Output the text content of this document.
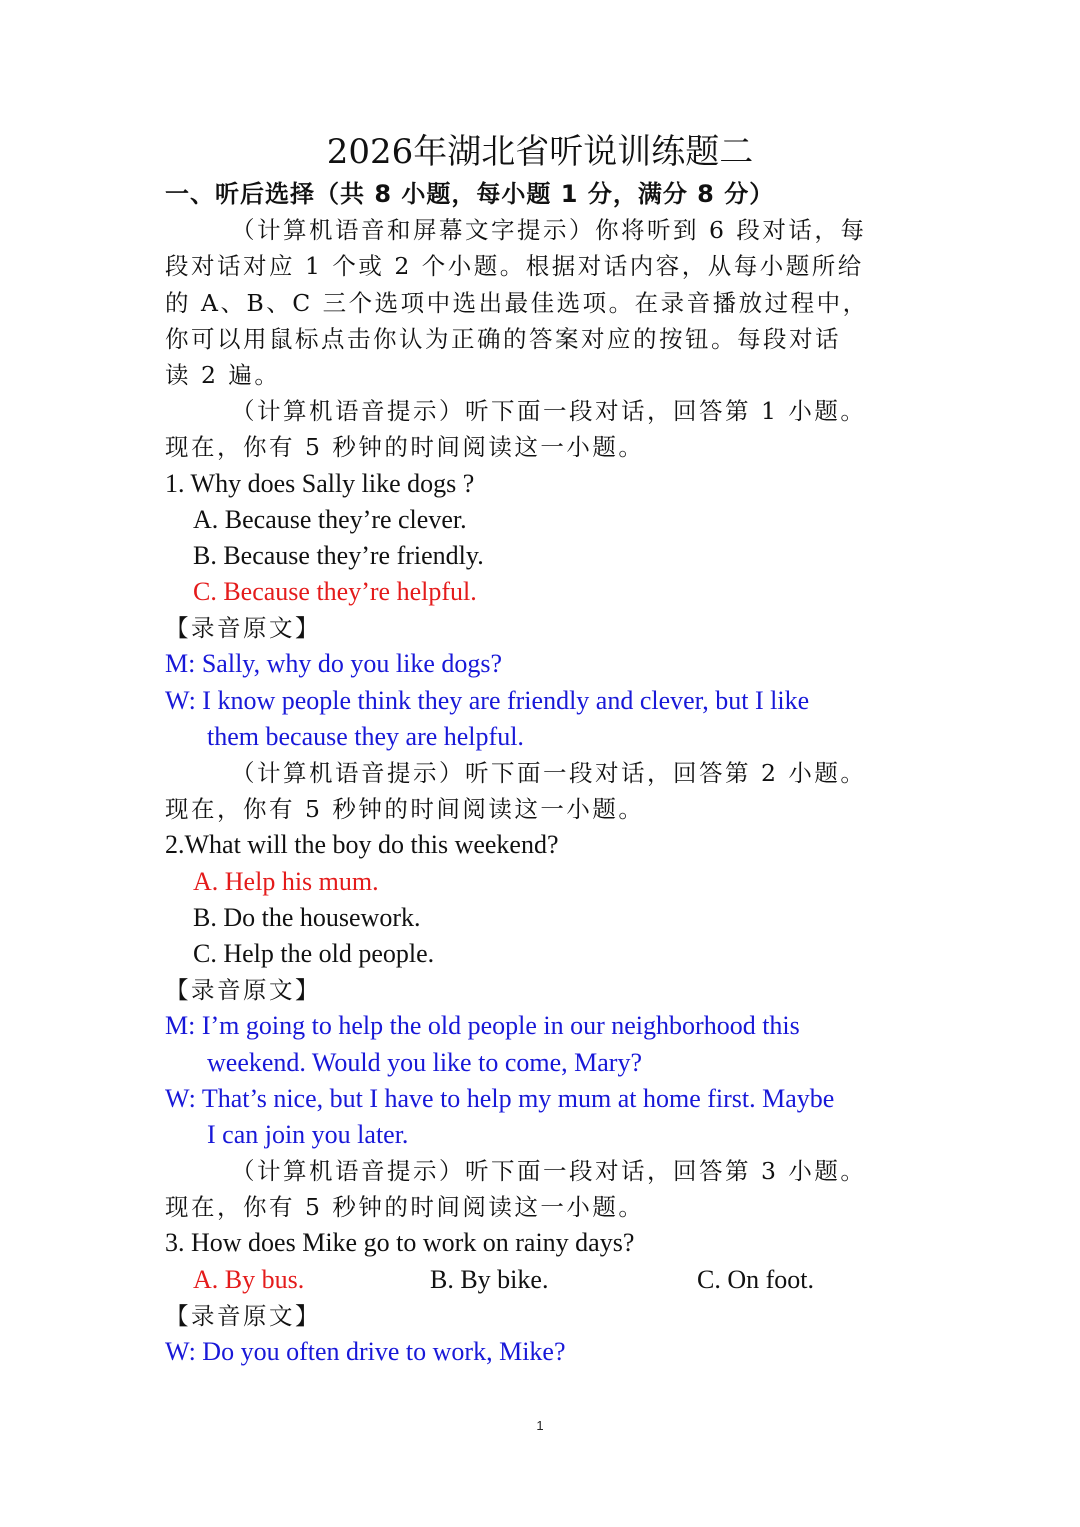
2026年湖北省听说训练题二
一、听后选择（共 8 小题，每小题 1 分，满分 8 分）
（计算机语音和屏幕文字提示）你将听到 6 段对话，每
段对话对应 1 个或 2 个小题。根据对话内容，从每小题所给
的 A、B、C 三个选项中选出最佳选项。在录音播放过程中，
你可以用鼠标点击你认为正确的答案对应的按钮。每段对话
读 2 遍。
（计算机语音提示）听下面一段对话，回答第 1 小题。
现在，你有 5 秒钟的时间阅读这一小题。
1. Why does Sally like dogs ?
A. Because they’re clever.
B. Because they’re friendly.
C. Because they’re helpful.
【录音原文】
M: Sally, why do you like dogs?
W: I know people think they are friendly and clever, but I like
them because they are helpful.
（计算机语音提示）听下面一段对话，回答第 2 小题。
现在，你有 5 秒钟的时间阅读这一小题。
2.What will the boy do this weekend?
A. Help his mum.
B. Do the housework.
C. Help the old people.
【录音原文】
M: I’m going to help the old people in our neighborhood this
weekend. Would you like to come, Mary?
W: That’s nice, but I have to help my mum at home first. Maybe
I can join you later.
（计算机语音提示）听下面一段对话，回答第 3 小题。
现在，你有 5 秒钟的时间阅读这一小题。
3. How does Mike go to work on rainy days?
A. By bus.	B. By bike.	C. On foot.
【录音原文】
W: Do you often drive to work, Mike?
1
